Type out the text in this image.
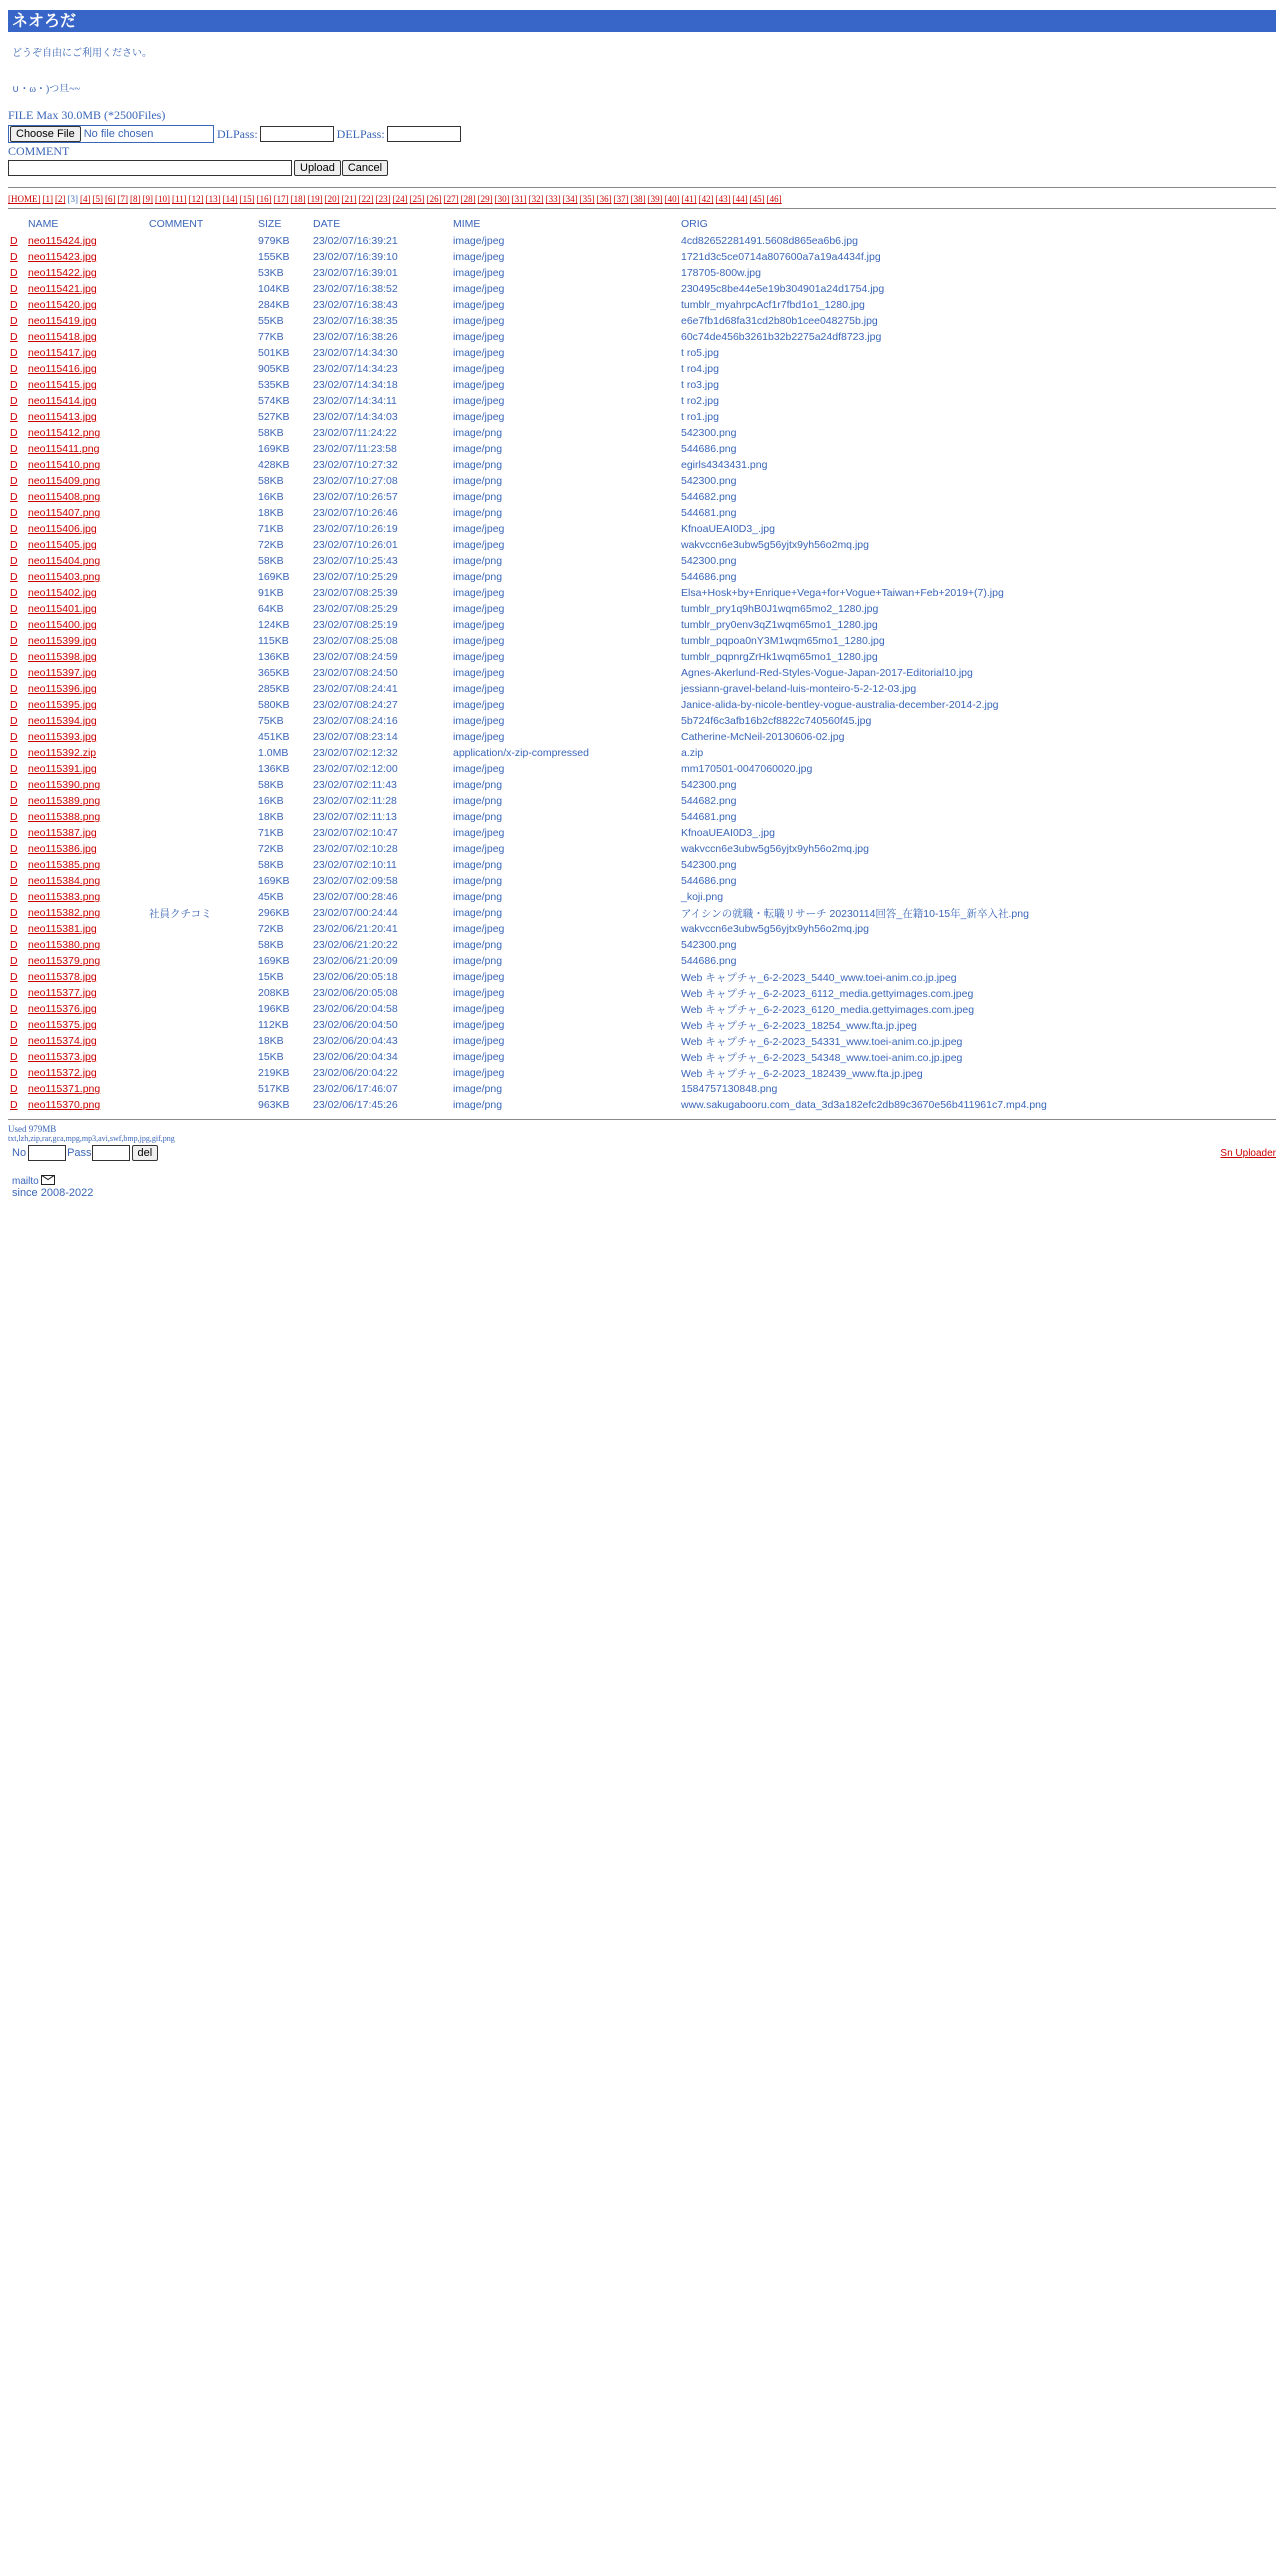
ネオろだ
どうぞ自由にご利用ください。
∪・ω・)つ旦~~
FILE Max 30.0MB (*2500Files)
Choose File No file chosen	DLPass:	DELPass:
COMMENT
Upload	Cancel
[HOME] [1] [2] [3] [4] [5] [6] [7] [8] [9] [10] [11] [12] [13] [14] [15] [16] [17] [18] [19] [20] [21] [22] [23] [24] [25] [26] [27] [28] [29] [30] [31] [32] [33] [34] [35] [36] [37] [38] [39] [40] [41] [42] [43] [44] [45] [46]
	NAME	COMMENT	SIZE	DATE	MIME	ORIG
D	neo115424.jpg		979KB	23/02/07/16:39:21	image/jpeg	4cd82652281491.5608d865ea6b6.jpg
D	neo115423.jpg		155KB	23/02/07/16:39:10	image/jpeg	1721d3c5ce0714a807600a7a19a4434f.jpg
D	neo115422.jpg		53KB	23/02/07/16:39:01	image/jpeg	178705-800w.jpg
D	neo115421.jpg		104KB	23/02/07/16:38:52	image/jpeg	230495c8be44e5e19b304901a24d1754.jpg
D	neo115420.jpg		284KB	23/02/07/16:38:43	image/jpeg	tumblr_myahrpcAcf1r7fbd1o1_1280.jpg
D	neo115419.jpg		55KB	23/02/07/16:38:35	image/jpeg	e6e7fb1d68fa31cd2b80b1cee048275b.jpg
D	neo115418.jpg		77KB	23/02/07/16:38:26	image/jpeg	60c74de456b3261b32b2275a24df8723.jpg
D	neo115417.jpg		501KB	23/02/07/14:34:30	image/jpeg	t ro5.jpg
D	neo115416.jpg		905KB	23/02/07/14:34:23	image/jpeg	t ro4.jpg
D	neo115415.jpg		535KB	23/02/07/14:34:18	image/jpeg	t ro3.jpg
D	neo115414.jpg		574KB	23/02/07/14:34:11	image/jpeg	t ro2.jpg
D	neo115413.jpg		527KB	23/02/07/14:34:03	image/jpeg	t ro1.jpg
D	neo115412.png		58KB	23/02/07/11:24:22	image/png	542300.png
D	neo115411.png		169KB	23/02/07/11:23:58	image/png	544686.png
D	neo115410.png		428KB	23/02/07/10:27:32	image/png	egirls4343431.png
D	neo115409.png		58KB	23/02/07/10:27:08	image/png	542300.png
D	neo115408.png		16KB	23/02/07/10:26:57	image/png	544682.png
D	neo115407.png		18KB	23/02/07/10:26:46	image/png	544681.png
D	neo115406.jpg		71KB	23/02/07/10:26:19	image/jpeg	KfnoaUEAI0D3_.jpg
D	neo115405.jpg		72KB	23/02/07/10:26:01	image/jpeg	wakvccn6e3ubw5g56yjtx9yh56o2mq.jpg
D	neo115404.png		58KB	23/02/07/10:25:43	image/png	542300.png
D	neo115403.png		169KB	23/02/07/10:25:29	image/png	544686.png
D	neo115402.jpg		91KB	23/02/07/08:25:39	image/jpeg	Elsa+Hosk+by+Enrique+Vega+for+Vogue+Taiwan+Feb+2019+(7).jpg
D	neo115401.jpg		64KB	23/02/07/08:25:29	image/jpeg	tumblr_pry1q9hB0J1wqm65mo2_1280.jpg
D	neo115400.jpg		124KB	23/02/07/08:25:19	image/jpeg	tumblr_pry0env3qZ1wqm65mo1_1280.jpg
D	neo115399.jpg		115KB	23/02/07/08:25:08	image/jpeg	tumblr_pqpoa0nY3M1wqm65mo1_1280.jpg
D	neo115398.jpg		136KB	23/02/07/08:24:59	image/jpeg	tumblr_pqpnrgZrHk1wqm65mo1_1280.jpg
D	neo115397.jpg		365KB	23/02/07/08:24:50	image/jpeg	Agnes-Akerlund-Red-Styles-Vogue-Japan-2017-Editorial10.jpg
D	neo115396.jpg		285KB	23/02/07/08:24:41	image/jpeg	jessiann-gravel-beland-luis-monteiro-5-2-12-03.jpg
D	neo115395.jpg		580KB	23/02/07/08:24:27	image/jpeg	Janice-alida-by-nicole-bentley-vogue-australia-december-2014-2.jpg
D	neo115394.jpg		75KB	23/02/07/08:24:16	image/jpeg	5b724f6c3afb16b2cf8822c740560f45.jpg
D	neo115393.jpg		451KB	23/02/07/08:23:14	image/jpeg	Catherine-McNeil-20130606-02.jpg
D	neo115392.zip		1.0MB	23/02/07/02:12:32	application/x-zip-compressed	a.zip
D	neo115391.jpg		136KB	23/02/07/02:12:00	image/jpeg	mm170501-0047060020.jpg
D	neo115390.png		58KB	23/02/07/02:11:43	image/png	542300.png
D	neo115389.png		16KB	23/02/07/02:11:28	image/png	544682.png
D	neo115388.png		18KB	23/02/07/02:11:13	image/png	544681.png
D	neo115387.jpg		71KB	23/02/07/02:10:47	image/jpeg	KfnoaUEAI0D3_.jpg
D	neo115386.jpg		72KB	23/02/07/02:10:28	image/jpeg	wakvccn6e3ubw5g56yjtx9yh56o2mq.jpg
D	neo115385.png		58KB	23/02/07/02:10:11	image/png	542300.png
D	neo115384.png		169KB	23/02/07/02:09:58	image/png	544686.png
D	neo115383.png		45KB	23/02/07/00:28:46	image/png	_koji.png
D	neo115382.png	社員クチコミ	296KB	23/02/07/00:24:44	image/png	アイシンの就職・転職リサーチ 20230114回答_在籍10-15年_新卒入社.png
D	neo115381.jpg		72KB	23/02/06/21:20:41	image/jpeg	wakvccn6e3ubw5g56yjtx9yh56o2mq.jpg
D	neo115380.png		58KB	23/02/06/21:20:22	image/png	542300.png
D	neo115379.png		169KB	23/02/06/21:20:09	image/png	544686.png
D	neo115378.jpg		15KB	23/02/06/20:05:18	image/jpeg	Web キャプチャ_6-2-2023_5440_www.toei-anim.co.jp.jpeg
D	neo115377.jpg		208KB	23/02/06/20:05:08	image/jpeg	Web キャプチャ_6-2-2023_6112_media.gettyimages.com.jpeg
D	neo115376.jpg		196KB	23/02/06/20:04:58	image/jpeg	Web キャプチャ_6-2-2023_6120_media.gettyimages.com.jpeg
D	neo115375.jpg		112KB	23/02/06/20:04:50	image/jpeg	Web キャプチャ_6-2-2023_18254_www.fta.jp.jpeg
D	neo115374.jpg		18KB	23/02/06/20:04:43	image/jpeg	Web キャプチャ_6-2-2023_54331_www.toei-anim.co.jp.jpeg
D	neo115373.jpg		15KB	23/02/06/20:04:34	image/jpeg	Web キャプチャ_6-2-2023_54348_www.toei-anim.co.jp.jpeg
D	neo115372.jpg		219KB	23/02/06/20:04:22	image/jpeg	Web キャプチャ_6-2-2023_182439_www.fta.jp.jpeg
D	neo115371.png		517KB	23/02/06/17:46:07	image/png	1584757130848.png
D	neo115370.png		963KB	23/02/06/17:45:26	image/png	www.sakugabooru.com_data_3d3a182efc2db89c3670e56b411961c7.mp4.png
Used 979MB
txt,lzh,zip,rar,gca,mpg,mp3,avi,swf,bmp,jpg,gif,png
No	Pass	del	Sn Uploader
mailto
since 2008-2022
